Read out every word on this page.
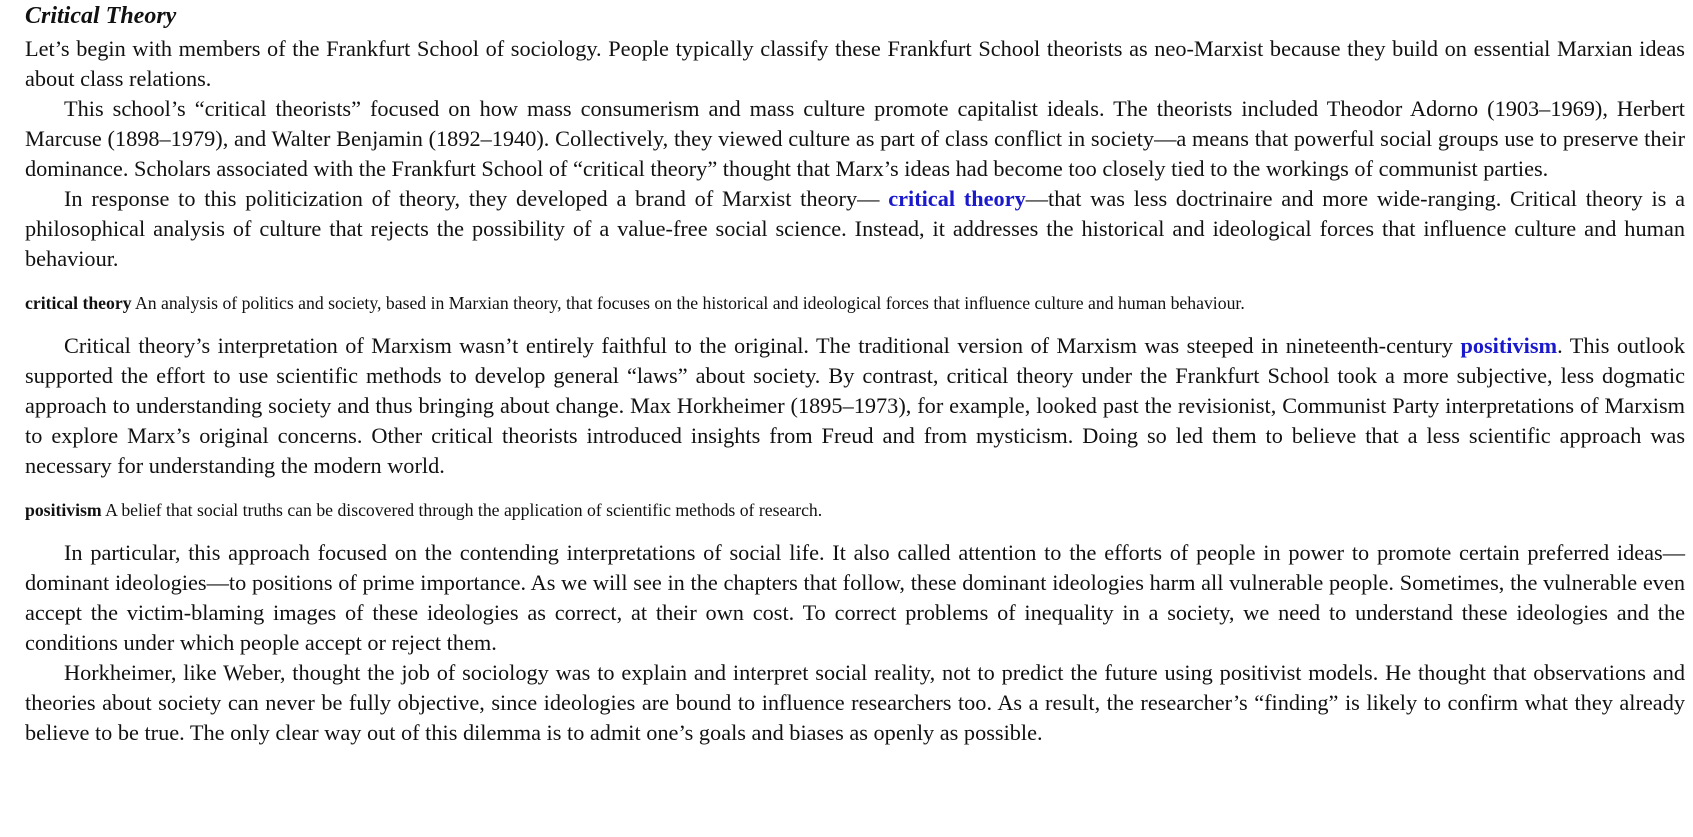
Critical Theory

Let’s begin with members of the Frankfurt School of sociology. People typically classify these Frankfurt School theorists as neo-Marxist because they build on essential Marxian ideas about class relations.

This school’s “critical theorists” focused on how mass consumerism and mass culture promote capitalist ideals. The theorists included Theodor Adorno (1903–1969), Herbert Marcuse (1898–1979), and Walter Benjamin (1892–1940). Collectively, they viewed culture as part of class conflict in society—a means that powerful social groups use to preserve their dominance. Scholars associated with the Frankfurt School of “critical theory” thought that Marx’s ideas had become too closely tied to the workings of communist parties.

In response to this politicization of theory, they developed a brand of Marxist theory— critical theory—that was less doctrinaire and more wide-ranging. Critical theory is a philosophical analysis of culture that rejects the possibility of a value-free social science. Instead, it addresses the historical and ideological forces that influence culture and human behaviour.

critical theory An analysis of politics and society, based in Marxian theory, that focuses on the historical and ideological forces that influence culture and human behaviour.

Critical theory’s interpretation of Marxism wasn’t entirely faithful to the original. The traditional version of Marxism was steeped in nineteenth-century positivism. This outlook supported the effort to use scientific methods to develop general “laws” about society. By contrast, critical theory under the Frankfurt School took a more subjective, less dogmatic approach to understanding society and thus bringing about change. Max Horkheimer (1895–1973), for example, looked past the revisionist, Communist Party interpretations of Marxism to explore Marx’s original concerns. Other critical theorists introduced insights from Freud and from mysticism. Doing so led them to believe that a less scientific approach was necessary for understanding the modern world.

positivism A belief that social truths can be discovered through the application of scientific methods of research.

In particular, this approach focused on the contending interpretations of social life. It also called attention to the efforts of people in power to promote certain preferred ideas—dominant ideologies—to positions of prime importance. As we will see in the chapters that follow, these dominant ideologies harm all vulnerable people. Sometimes, the vulnerable even accept the victim-blaming images of these ideologies as correct, at their own cost. To correct problems of inequality in a society, we need to understand these ideologies and the conditions under which people accept or reject them.

Horkheimer, like Weber, thought the job of sociology was to explain and interpret social reality, not to predict the future using positivist models. He thought that observations and theories about society can never be fully objective, since ideologies are bound to influence researchers too. As a result, the researcher’s “finding” is likely to confirm what they already believe to be true. The only clear way out of this dilemma is to admit one’s goals and biases as openly as possible.
